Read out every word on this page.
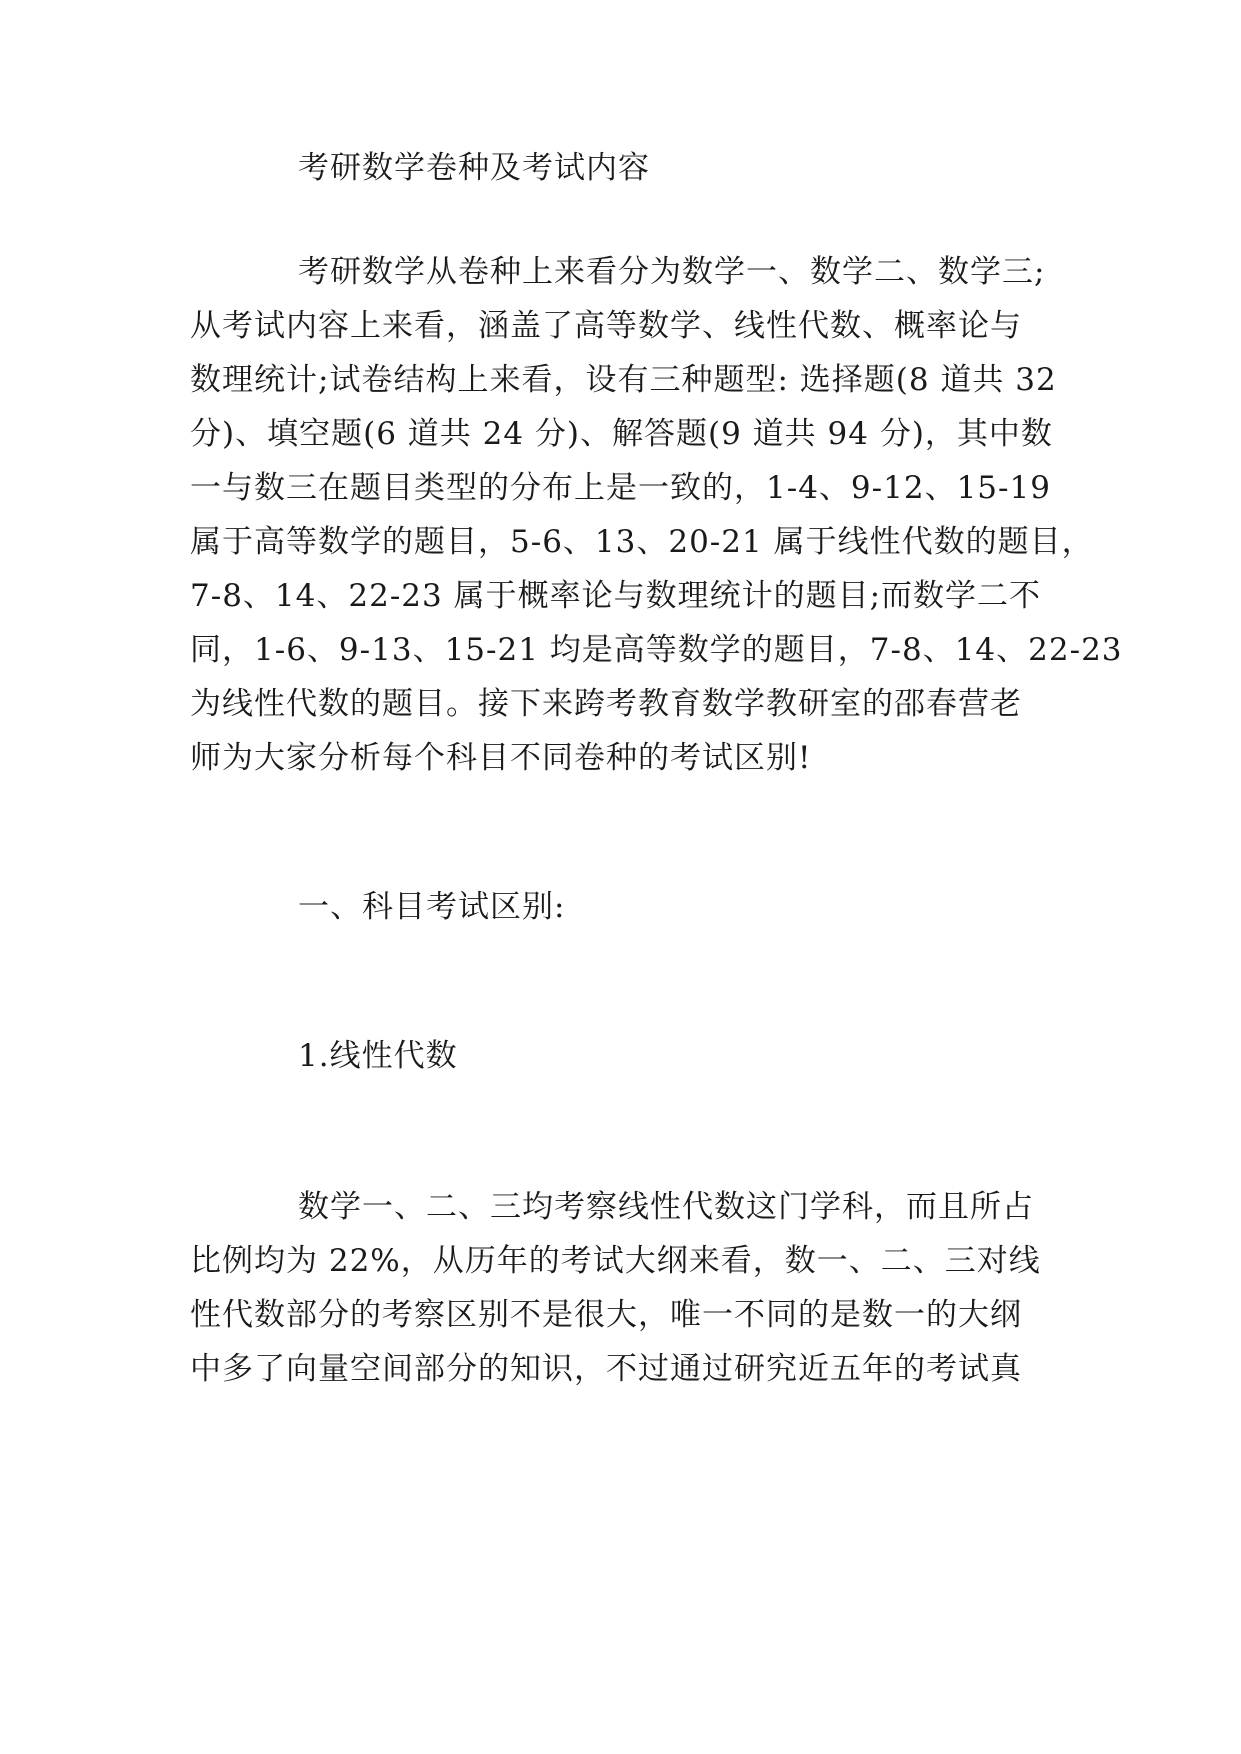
考研数学卷种及考试内容
考研数学从卷种上来看分为数学一、数学二、数学三;
从考试内容上来看，涵盖了高等数学、线性代数、概率论与
数理统计;试卷结构上来看，设有三种题型: 选择题(8 道共 32
分)、填空题(6 道共 24 分)、解答题(9 道共 94 分)，其中数
一与数三在题目类型的分布上是一致的，1-4、9-12、15-19
属于高等数学的题目，5-6、13、20-21 属于线性代数的题目，
7-8、14、22-23 属于概率论与数理统计的题目;而数学二不
同，1-6、9-13、15-21 均是高等数学的题目，7-8、14、22-23
为线性代数的题目。接下来跨考教育数学教研室的邵春营老
师为大家分析每个科目不同卷种的考试区别!
一、科目考试区别:
1.线性代数
数学一、二、三均考察线性代数这门学科，而且所占
比例均为 22%，从历年的考试大纲来看，数一、二、三对线
性代数部分的考察区别不是很大，唯一不同的是数一的大纲
中多了向量空间部分的知识，不过通过研究近五年的考试真
